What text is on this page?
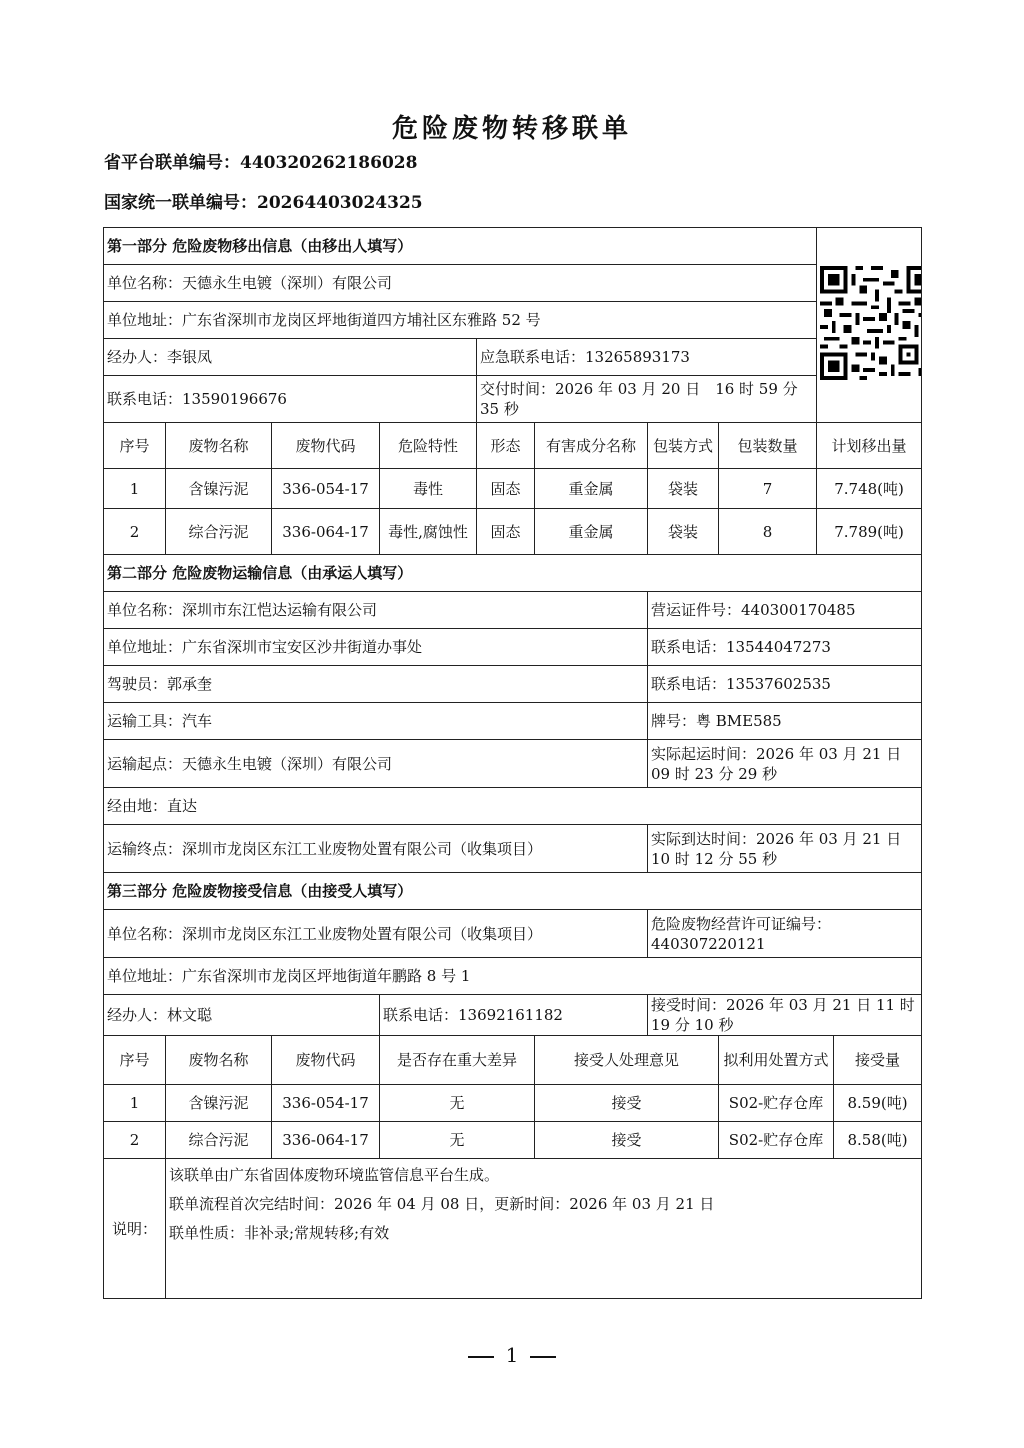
危险废物转移联单
省平台联单编号：440320262186028
国家统一联单编号：20264403024325
第一部分 危险废物移出信息（由移出人填写）	
单位名称：天德永生电镀（深圳）有限公司									
单位地址：广东省深圳市龙岗区坪地街道四方埔社区东雅路 52 号									
经办人：李银凤				应急联系电话：13265893173					
联系电话：13590196676				交付时间：2026 年 03 月 20 日　16 时 59 分 35 秒					
序号	废物名称	废物代码	危险特性	形态	有害成分名称	包装方式	包装数量	计划移出量	
1	含镍污泥	336-054-17	毒性	固态	重金属	袋装	7	7.748(吨)	
2	综合污泥	336-064-17	毒性,腐蚀性	固态	重金属	袋装	8	7.789(吨)	
第二部分 危险废物运输信息（由承运人填写）									
单位名称：深圳市东江恺达运输有限公司						营运证件号：440300170485			
单位地址：广东省深圳市宝安区沙井街道办事处						联系电话：13544047273			
驾驶员：郭承奎						联系电话：13537602535			
运输工具：汽车						牌号：粤 BME585			
运输起点：天德永生电镀（深圳）有限公司						实际起运时间：2026 年 03 月 21 日　09 时 23 分 29 秒			
经由地：直达									
运输终点：深圳市龙岗区东江工业废物处置有限公司（收集项目）						实际到达时间：2026 年 03 月 21 日　10 时 12 分 55 秒			
第三部分 危险废物接受信息（由接受人填写）									
单位名称：深圳市龙岗区东江工业废物处置有限公司（收集项目）						危险废物经营许可证编号：440307220121			
单位地址：广东省深圳市龙岗区坪地街道年鹏路 8 号 1									
经办人：林文聪			联系电话：13692161182			接受时间：2026 年 03 月 21 日 11 时 19 分 10 秒			
序号	废物名称	废物代码	是否存在重大差异		接受人处理意见		拟利用处置方式		接受量
1	含镍污泥	336-054-17	无		接受		S02-贮存仓库		8.59(吨)
2	综合污泥	336-064-17	无		接受		S02-贮存仓库		8.58(吨)
说明：	该联单由广东省固体废物环境监管信息平台生成。
联单流程首次完结时间：2026 年 04 月 08 日，更新时间：2026 年 03 月 21 日
联单性质：非补录;常规转移;有效								
1
